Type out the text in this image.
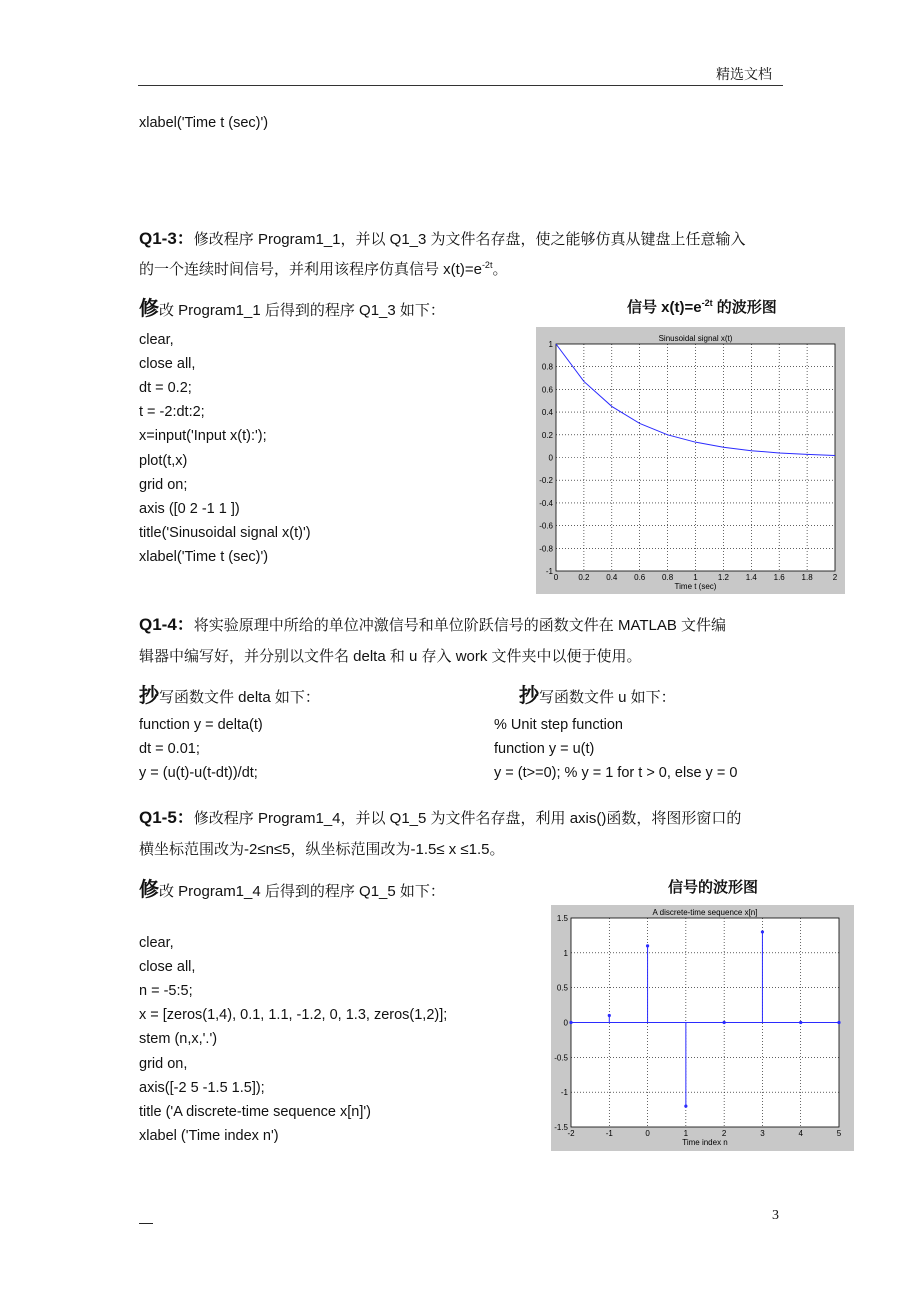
精选文档
xlabel('Time t (sec)')
Q1-3：修改程序 Program1_1，并以 Q1_3 为文件名存盘，使之能够仿真从键盘上任意输入
的一个连续时间信号，并利用该程序仿真信号 $x(t)=e^{-2t}$。
修改 Program1_1 后得到的程序 Q1_3 如下：	信号 $x(t)=e^{-2t}$ 的波形图
clear,
close all,
dt = 0.2;
t = -2:dt:2;
x=input('Input x(t):');
plot(t,x)
grid on;
axis ([0 2 -1 1 ])
title('Sinusoidal signal x(t)')
xlabel('Time t (sec)')
0	0.2 0.4 0.6 0.8	1	1.2 1.4 1.6 1.8	2
1
0.8
0.6
0.4
0.2
0
-0.2
-0.4
-0.6
-0.8
-1
Sinusoidal signal x(t)
Time t (sec)
Q1-4：将实验原理中所给的单位冲激信号和单位阶跃信号的函数文件在 MATLAB 文件编
辑器中编写好，并分别以文件名 delta 和 u 存入 work 文件夹中以便于使用。
抄写函数文件 delta 如下：	抄写函数文件 u 如下：
function y = delta(t)
dt = 0.01;
y = (u(t)-u(t-dt))/dt;
% Unit step function
function y = u(t)
y = (t>=0); % y = 1 for t > 0, else y = 0
Q1-5：修改程序 Program1_4，并以 Q1_5 为文件名存盘，利用 axis()函数，将图形窗口的
横坐标范围改为-2≤n≤5，纵坐标范围改为-1.5≤ x ≤1.5。
修改 Program1_4 后得到的程序 Q1_5 如下：	信号的波形图
clear,
close all,
n = -5:5;
x = [zeros(1,4), 0.1, 1.1, -1.2, 0, 1.3, zeros(1,2)];
stem (n,x,'.')
grid on,
axis([-2 5 -1.5 1.5]);
title ('A discrete-time sequence x[n]')
xlabel ('Time index n')	-2	-1	0	1	2	3	4	5
1.5
1
0.5
0
-0.5
-1
-1.5
A discrete-time sequence x[n]
Time index n
—	3
